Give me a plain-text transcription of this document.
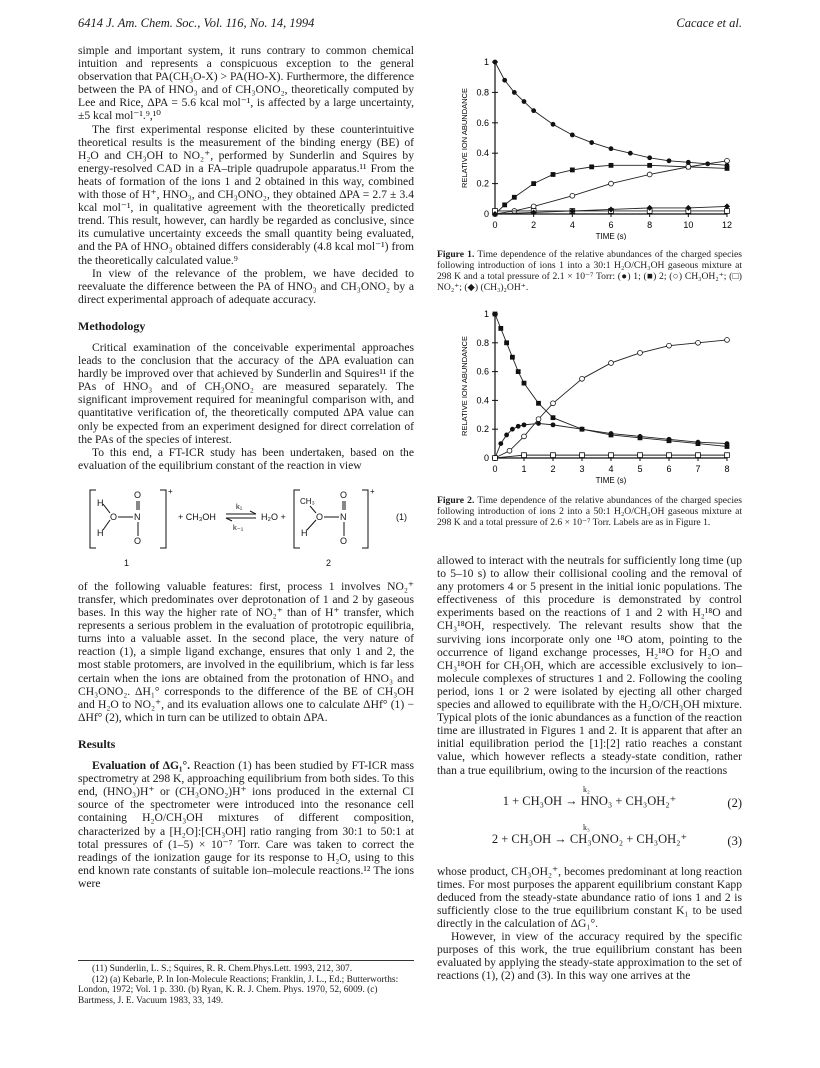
6414 J. Am. Chem. Soc., Vol. 116, No. 14, 1994	Cacace et al.

simple and important system, it runs contrary to common chemical intuition and represents a conspicuous exception to the general observation that PA(CH₃O-X) > PA(HO-X). Furthermore, the difference between the PA of HNO₃ and of CH₃ONO₂, theoretically computed by Lee and Rice, ΔPA = 5.6 kcal mol⁻¹, is affected by a large uncertainty, ±5 kcal mol⁻¹.⁹,¹⁰

The first experimental response elicited by these counterintuitive theoretical results is the measurement of the binding energy (BE) of H₂O and CH₃OH to NO₂⁺, performed by Sunderlin and Squires by energy-resolved CAD in a FA–triple quadrupole apparatus.¹¹ From the heats of formation of the ions 1 and 2 obtained in this way, combined with those of H⁺, HNO₃, and CH₃ONO₂, they obtained ΔPA = 2.7 ± 3.4 kcal mol⁻¹, in qualitative agreement with the theoretically predicted trend. This result, however, can hardly be regarded as conclusive, since its cumulative uncertainty exceeds the small quantity being evaluated, and the PA of HNO₃ obtained differs considerably (4.8 kcal mol⁻¹) from the theoretically calculated value.⁹

In view of the relevance of the problem, we have decided to reevaluate the difference between the PA of HNO₃ and CH₃ONO₂ by a direct experimental approach of adequate accuracy.

Methodology

Critical examination of the conceivable experimental approaches leads to the conclusion that the accuracy of the ΔPA evaluation can hardly be improved over that achieved by Sunderlin and Squires¹¹ if the PAs of HNO₃ and of CH₃ONO₂ are measured separately. The significant improvement required for meaningful comparison with, and quantitative verification of, the theoretically computed ΔPA value can only be expected from an experiment designed for direct correlation of the PAs of the species of interest.

To this end, a FT-ICR study has been undertaken, based on the evaluation of the equilibrium constant of the reaction in view

+
H
H
O N
O
O
1
+ CH₃OH
k₁
k₋₁
H₂O +
+
CH₃
H
O N
O
O
2
(1)

of the following valuable features: first, process 1 involves NO₂⁺ transfer, which predominates over deprotonation of 1 and 2 by gaseous bases. In this way the higher rate of NO₂⁺ than of H⁺ transfer, which represents a serious problem in the evaluation of prototropic equilibria, turns into a valuable asset. In the second place, the very nature of reaction (1), a simple ligand exchange, ensures that only 1 and 2, the most stable protomers, are involved in the equilibrium, which is far less certain when the ions are obtained from the protonation of HNO₃ and CH₃ONO₂. ΔH₁° corresponds to the difference of the BE of CH₃OH and H₂O to NO₂⁺, and its evaluation allows one to calculate ΔHf° (1) − ΔHf° (2), which in turn can be utilized to obtain ΔPA.

Results

Evaluation of ΔG₁°. Reaction (1) has been studied by FT-ICR mass spectrometry at 298 K, approaching equilibrium from both sides. To this end, (HNO₃)H⁺ or (CH₃ONO₂)H⁺ ions produced in the external CI source of the spectrometer were introduced into the resonance cell containing H₂O/CH₃OH mixtures of different composition, characterized by a [H₂O]:[CH₃OH] ratio ranging from 30:1 to 50:1 at total pressures of (1–5) × 10⁻⁷ Torr. Care was taken to correct the readings of the ionization gauge for its response to H₂O, using to this end known rate constants of suitable ion–molecule reactions.¹² The ions were

(11) Sunderlin, L. S.; Squires, R. R. Chem.Phys.Lett. 1993, 212, 307.

(12) (a) Kebarle, P. In Ion-Molecule Reactions; Franklin, J. L., Ed.; Butterworths: London, 1972; Vol. 1 p. 330. (b) Ryan, K. R. J. Chem. Phys. 1970, 52, 6009. (c) Bartmess, J. E. Vacuum 1983, 33, 149.

0
0.2
0.4
0.6
0.8
1
0	2	4	6	8	10	12
TIME (s)
RELATIVE ION ABUNDANCE
Figure 1. Time dependence of the relative abundances of the charged species following introduction of ions 1 into a 30:1 H₂O/CH₃OH gaseous mixture at 298 K and a total pressure of 2.1 × 10⁻⁷ Torr: (●) 1; (■) 2; (○) CH₃OH₂⁺; (□) NO₂⁺; (◆) (CH₃)₂OH⁺.
0
0.2
0.4
0.6
0.8
1
0	1	2	3	4	5	6	7	8
TIME (s)
RELATIVE ION ABUNDANCE
Figure 2. Time dependence of the relative abundances of the charged species following introduction of ions 2 into a 50:1 H₂O/CH₃OH gaseous mixture at 298 K and a total pressure of 2.6 × 10⁻⁷ Torr. Labels are as in Figure 1.

allowed to interact with the neutrals for sufficiently long time (up to 5–10 s) to allow their collisional cooling and the removal of any protomers 4 or 5 present in the initial ionic populations. The effectiveness of this procedure is demonstrated by control experiments based on the reactions of 1 and 2 with H₂¹⁸O and CH₃¹⁸OH, respectively. The relevant results show that the surviving ions incorporate only one ¹⁸O atom, pointing to the occurrence of ligand exchange processes, H₂¹⁸O for H₂O and CH₃¹⁸OH for CH₃OH, which are accessible exclusively to ion–molecule complexes of structures 1 and 2. Following the cooling period, ions 1 or 2 were isolated by ejecting all other charged species and allowed to equilibrate with the H₂O/CH₃OH mixture. Typical plots of the ionic abundances as a function of the reaction time are illustrated in Figures 1 and 2. It is apparent that after an initial equilibration period the [1]:[2] ratio reaches a constant value, which however reflects a steady-state condition, rather than a true equilibrium, owing to the incursion of the reactions

k₂
1 + CH₃OH → HNO₃ + CH₃OH₂⁺	(2)
k₃
2 + CH₃OH → CH₃ONO₂ + CH₃OH₂⁺	(3)

whose product, CH₃OH₂⁺, becomes predominant at long reaction times. For most purposes the apparent equilibrium constant Kapp deduced from the steady-state abundance ratio of ions 1 and 2 is sufficiently close to the true equilibrium constant K₁ to be used directly in the calculation of ΔG₁°.

However, in view of the accuracy required by the specific purposes of this work, the true equilibrium constant has been evaluated by applying the steady-state approximation to the set of reactions (1), (2) and (3). In this way one arrives at the
